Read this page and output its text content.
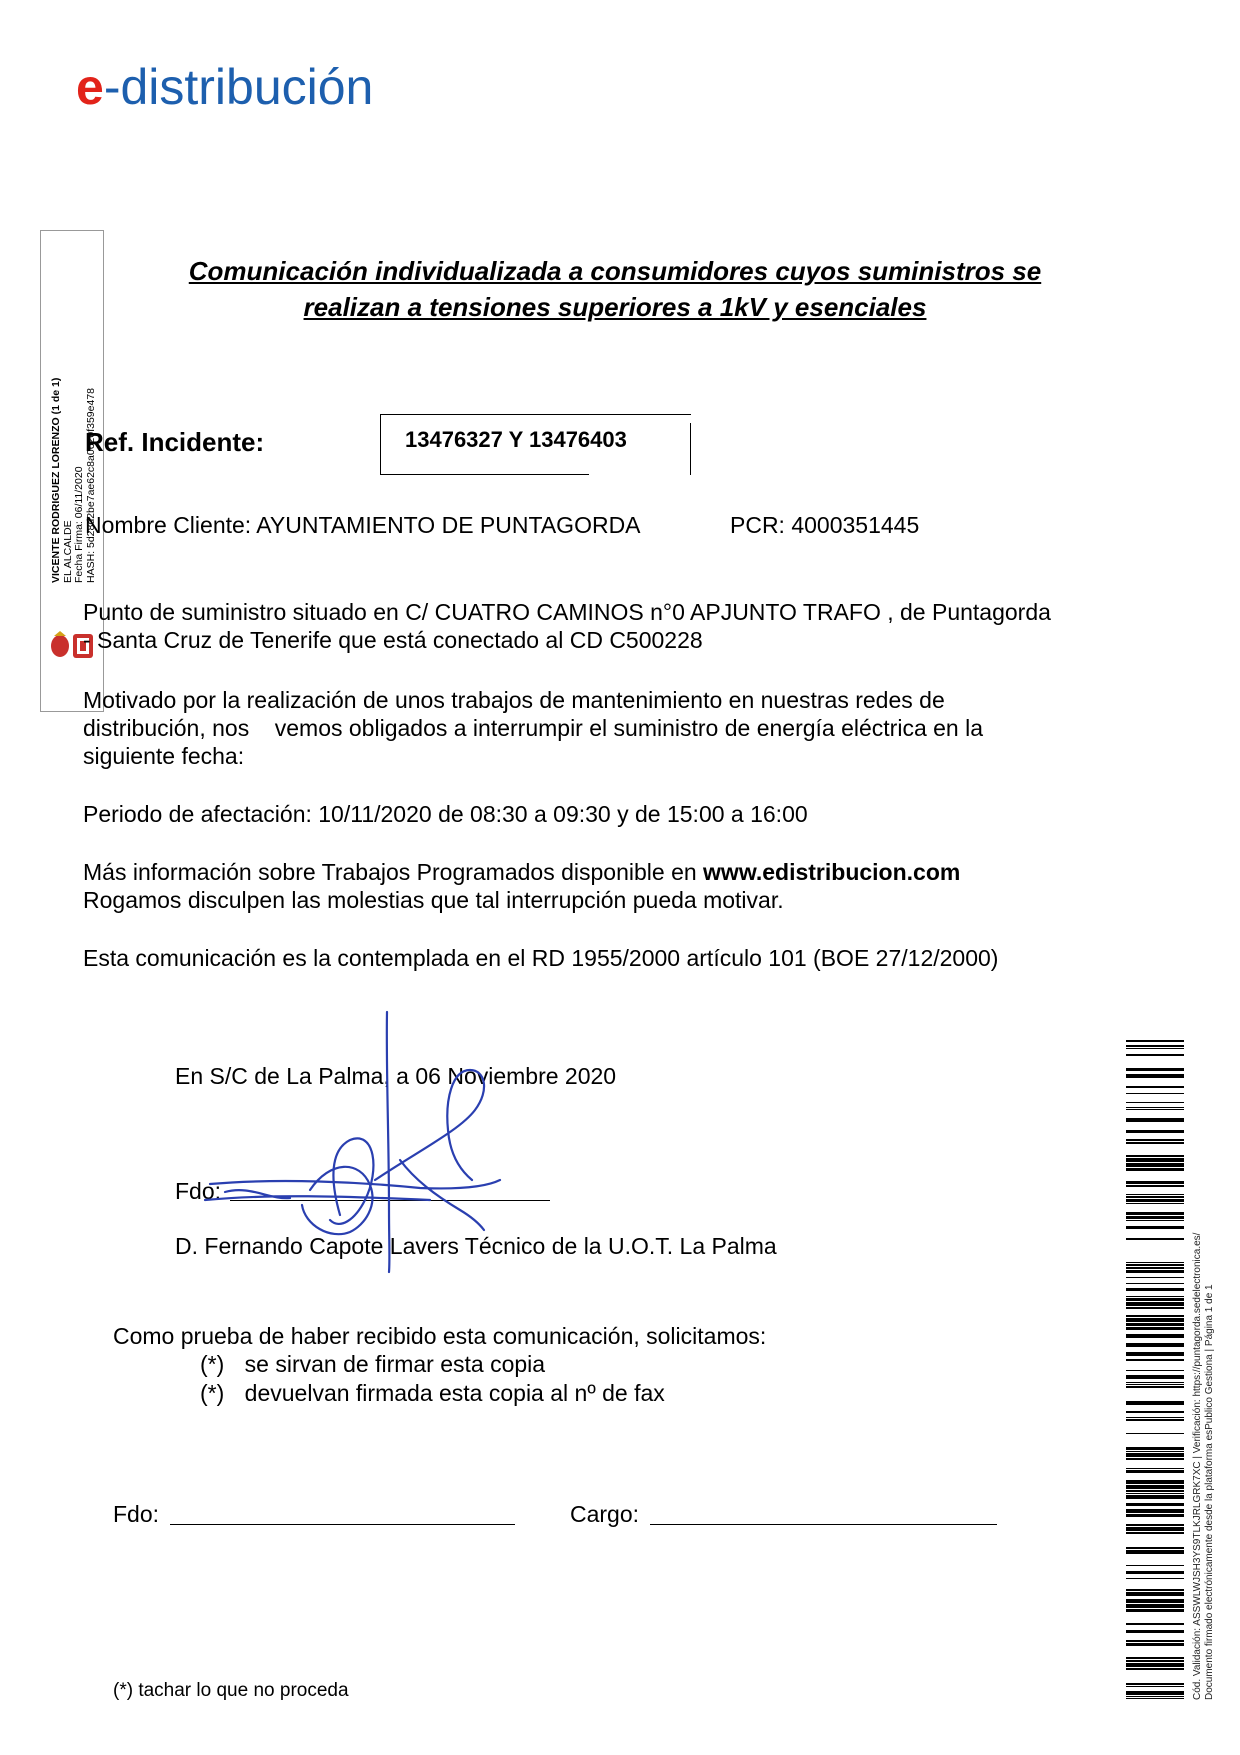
e-distribución
Comunicación individualizada a consumidores cuyos suministros se
realizan a tensiones superiores a 1kV y esenciales
VICENTE RODRIGUEZ LORENZO (1 de 1) EL ALCALDE Fecha Firma: 06/11/2020 HASH: 5d28d2be7ae62c8a0620f359e478
Ref. Incidente:	13476327 Y 13476403
Nombre Cliente: AYUNTAMIENTO DE PUNTAGORDA	PCR: 4000351445
Punto de suministro situado en C/ CUATRO CAMINOS n°0 APJUNTO TRAFO , de Puntagorda
- Santa Cruz de Tenerife que está conectado al CD C500228
Motivado por la realización de unos trabajos de mantenimiento en nuestras redes de
distribución, nos    vemos obligados a interrumpir el suministro de energía eléctrica en la
siguiente fecha:
Periodo de afectación: 10/11/2020 de 08:30 a 09:30 y de 15:00 a 16:00
Más información sobre Trabajos Programados disponible en www.edistribucion.com
Rogamos disculpen las molestias que tal interrupción pueda motivar.
Esta comunicación es la contemplada en el RD 1955/2000 artículo 101 (BOE 27/12/2000)
En S/C de La Palma, a 06 Noviembre 2020
Fdo:
D. Fernando Capote Lavers Técnico de la U.O.T. La Palma
Como prueba de haber recibido esta comunicación, solicitamos:
(*) se sirvan de firmar esta copia
(*) devuelvan firmada esta copia al nº de fax
Fdo:	Cargo:
(*) tachar lo que no proceda	Cód. Validación: ASSWLWJSH3YS9TLKJRLGRK7XC | Verificación: https://puntagorda.sedelectronica.es/ Documento firmado electrónicamente desde la plataforma esPublico Gestiona | Página 1 de 1
